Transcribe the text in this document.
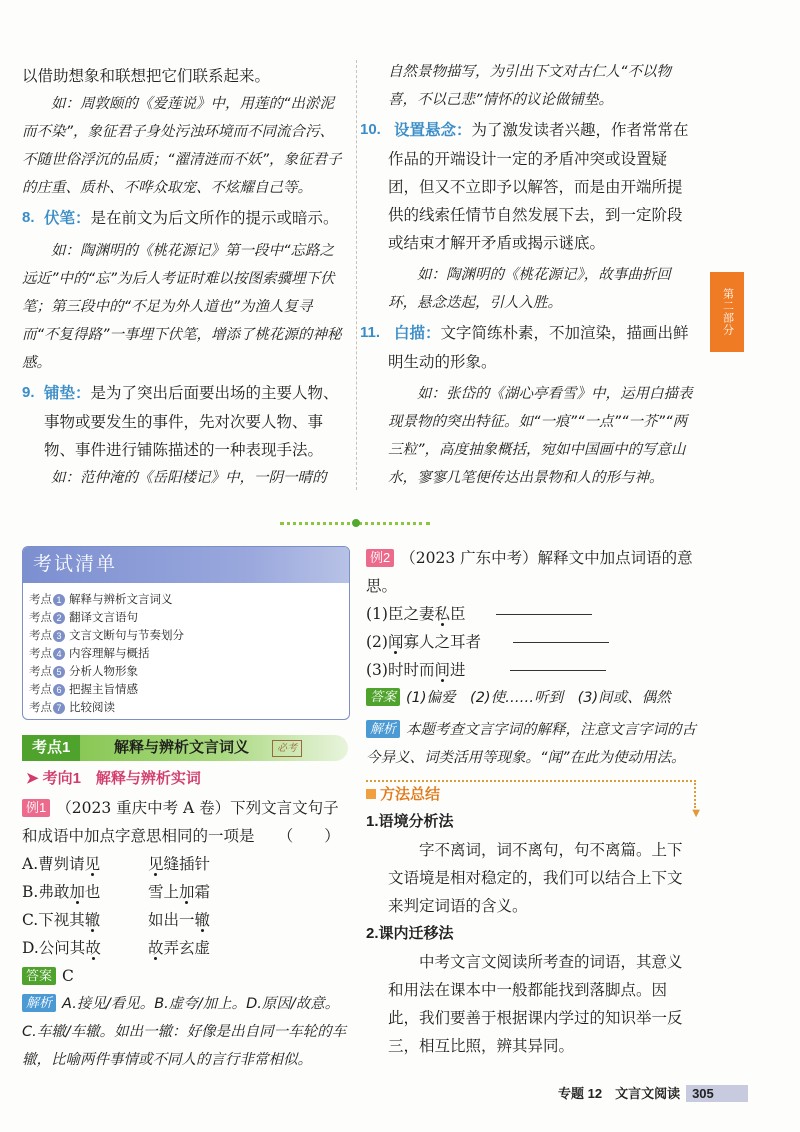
以借助想象和联想把它们联系起来。

如：周敦颐的《爱莲说》中，用莲的“出淤泥而不染”，象征君子身处污浊环境而不同流合污、不随世俗浮沉的品质；“濯清涟而不妖”，象征君子的庄重、质朴、不哗众取宠、不炫耀自己等。

8. 伏笔：是在前文为后文所作的提示或暗示。

如：陶渊明的《桃花源记》第一段中“忘路之远近”中的“忘”为后人考证时难以按图索骥埋下伏笔；第三段中的“不足为外人道也”为渔人复寻而“不复得路”一事埋下伏笔，增添了桃花源的神秘感。

9. 铺垫：是为了突出后面要出场的主要人物、事物或要发生的事件，先对次要人物、事物、事件进行铺陈描述的一种表现手法。

如：范仲淹的《岳阳楼记》中，一阴一晴的

自然景物描写，为引出下文对古仁人“不以物喜，不以己悲”情怀的议论做铺垫。

10. 设置悬念：为了激发读者兴趣，作者常常在作品的开端设计一定的矛盾冲突或设置疑团，但又不立即予以解答，而是由开端所提供的线索任情节自然发展下去，到一定阶段或结束才解开矛盾或揭示谜底。

如：陶渊明的《桃花源记》，故事曲折回环，悬念迭起，引人入胜。

11. 白描：文字简练朴素，不加渲染，描画出鲜明生动的形象。

如：张岱的《湖心亭看雪》中，运用白描表现景物的突出特征。如“一痕”“一点”“一芥”“两三粒”，高度抽象概括，宛如中国画中的写意山水，寥寥几笔便传达出景物和人的形与神。

第二部分
考试清单
考点 1 解释与辨析文言词义
考点 2 翻译文言语句
考点 3 文言文断句与节奏划分
考点 4 内容理解与概括
考点 5 分析人物形象
考点 6 把握主旨情感
考点 7 比较阅读
考点1	解释与辨析文言词义	必考
➤ 考向1　解释与辨析实词

例1 （2023 重庆中考 A 卷）下列文言文句子和成语中加点字意思相同的一项是　　（　　）

A.曹刿请见	见缝插针
B.弗敢加也	雪上加霜
C.下视其辙	如出一辙
D.公问其故	故弄玄虚

答案 C

解析 A.接见/看见。B.虚夸/加上。D.原因/故意。C.车辙/车辙。如出一辙：好像是出自同一车轮的车辙，比喻两件事情或不同人的言行非常相似。

例2 （2023 广东中考）解释文中加点词语的意思。

(1)臣之妻私臣

(2)闻寡人之耳者

(3)时时而间进

答案 (1)偏爱　(2)使……听到　(3)间或、偶然

解析 本题考查文言字词的解释，注意文言字词的古今异义、词类活用等现象。“闻”在此为使动用法。

方法总结
▼

1.语境分析法

字不离词，词不离句，句不离篇。上下文语境是相对稳定的，我们可以结合上下文来判定词语的含义。

2.课内迁移法

中考文言文阅读所考查的词语，其意义和用法在课本中一般都能找到落脚点。因此，我们要善于根据课内学过的知识举一反三，相互比照，辨其异同。

专题 12　文言文阅读 305
